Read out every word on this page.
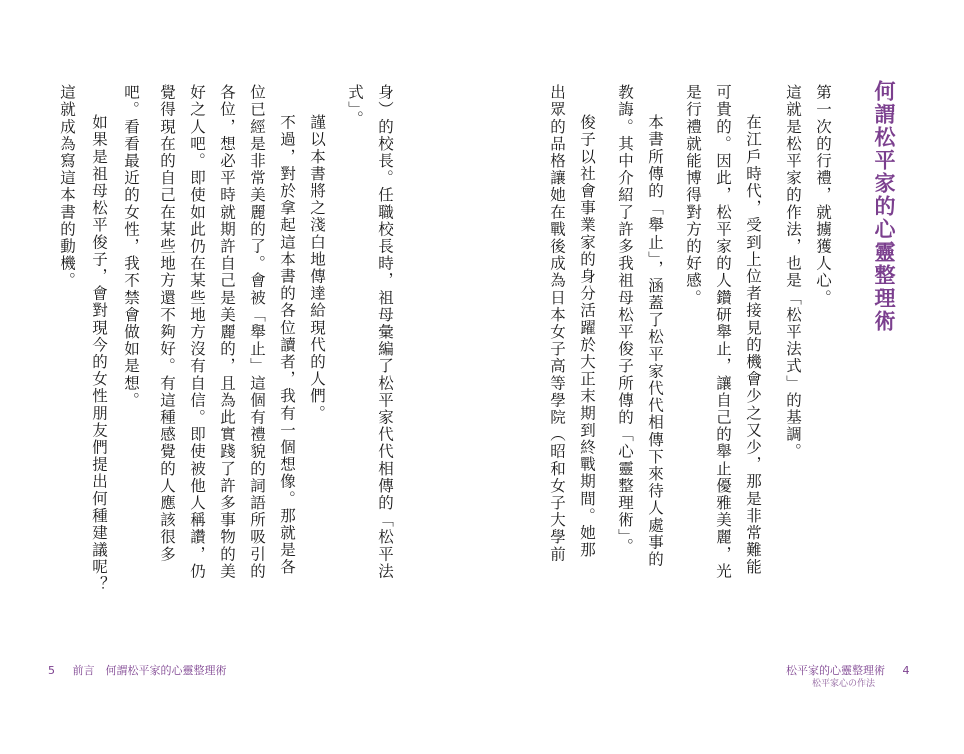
何謂松平家的心靈整理術

第一次的行禮，就擄獲人心。

這就是松平家的作法，也是「松平法式」的基調。

在江戶時代，受到上位者接見的機會少之又少，那是非常難能

可貴的。因此，松平家的人鑽研舉止，讓自己的舉止優雅美麗，光

是行禮就能博得對方的好感。

本書所傳的「舉止」，涵蓋了松平家代代相傳下來待人處事的

教誨。其中介紹了許多我祖母松平俊子所傳的「心靈整理術」。

俊子以社會事業家的身分活躍於大正末期到終戰期間。她那

出眾的品格讓她在戰後成為日本女子高等學院（昭和女子大學前

松平家的心靈整理術 4
松平家心の作法

身）的校長。任職校長時，祖母彙編了松平家代代相傳的「松平法

式」。

謹以本書將之淺白地傳達給現代的人們。

不過，對於拿起這本書的各位讀者，我有一個想像。那就是各

位已經是非常美麗的了。會被「舉止」這個有禮貌的詞語所吸引的

各位，想必平時就期許自己是美麗的，且為此實踐了許多事物的美

好之人吧。即使如此仍在某些地方沒有自信。即使被他人稱讚，仍

覺得現在的自己在某些地方還不夠好。有這種感覺的人應該很多

吧。看看最近的女性，我不禁會做如是想。

如果是祖母松平俊子，會對現今的女性朋友們提出何種建議呢？

這就成為寫這本書的動機。

5 前言　何謂松平家的心靈整理術
